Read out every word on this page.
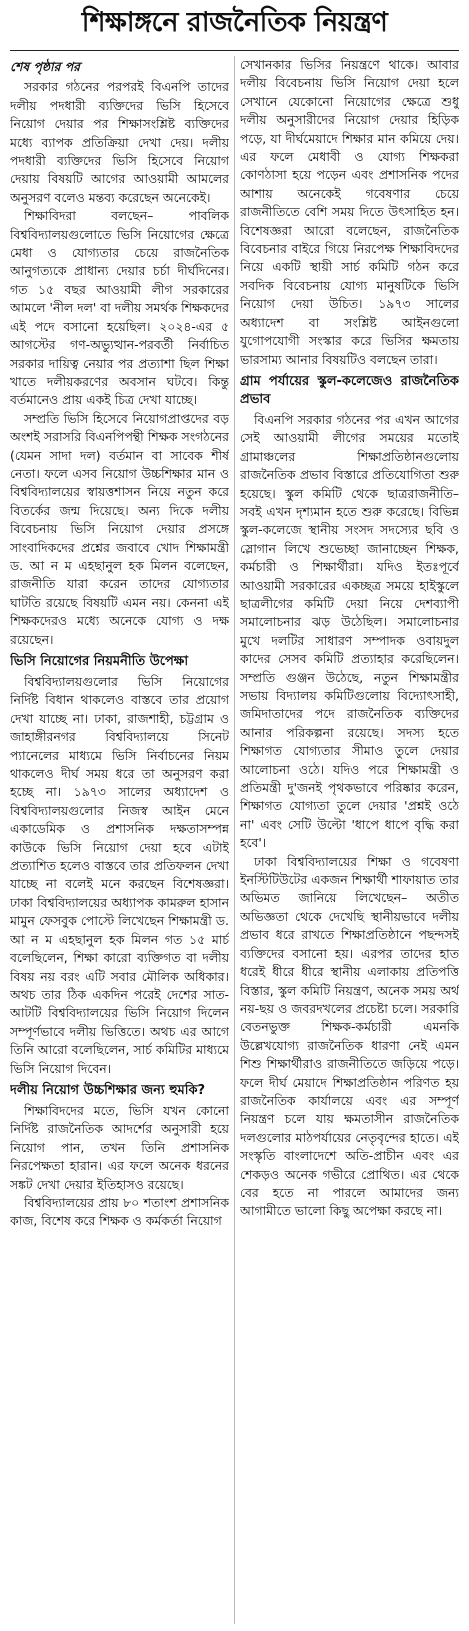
শিক্ষাঙ্গনে রাজনৈতিক নিয়ন্ত্রণ
শেষ পৃষ্ঠার পর

সরকার গঠনের পরপরই বিএনপি তাদের দলীয় পদধারী ব্যক্তিদের ভিসি হিসেবে নিয়োগ দেয়ার পর শিক্ষাসংশ্লিষ্ট ব্যক্তিদের মধ্যে ব্যাপক প্রতিক্রিয়া দেখা দেয়। দলীয় পদধারী ব্যক্তিদের ভিসি হিসেবে নিয়োগ দেয়ায় বিষয়টি আগের আওয়ামী আমলের অনুসরণ বলেও মন্তব্য করেছেন অনেকেই।

শিক্ষাবিদরা বলছেন– পাবলিক বিশ্ববিদ্যালয়গুলোতে ভিসি নিয়োগের ক্ষেত্রে মেধা ও যোগ্যতার চেয়ে রাজনৈতিক আনুগত্যকে প্রাধান্য দেয়ার চর্চা দীর্ঘদিনের। গত ১৫ বছর আওয়ামী লীগ সরকারের আমলে 'নীল দল' বা দলীয় সমর্থক শিক্ষকদের এই পদে বসানো হয়েছিল। ২০২৪-এর ৫ আগস্টের গণ-অভ্যুত্থান-পরবর্তী নির্বাচিত সরকার দায়িত্ব নেয়ার পর প্রত্যাশা ছিল শিক্ষা খাতে দলীয়করণের অবসান ঘটবে। কিন্তু বর্তমানেও প্রায় একই চিত্র দেখা যাচ্ছে।

সম্প্রতি ভিসি হিসেবে নিয়োগপ্রাপ্তদের বড় অংশই সরাসরি বিএনপিপন্থী শিক্ষক সংগঠনের (যেমন সাদা দল) বর্তমান বা সাবেক শীর্ষ নেতা। ফলে এসব নিয়োগ উচ্চশিক্ষার মান ও বিশ্ববিদ্যালয়ের স্বায়ত্তশাসন নিয়ে নতুন করে বিতর্কের জন্ম দিয়েছে। অন্য দিকে দলীয় বিবেচনায় ভিসি নিয়োগ দেয়ার প্রসঙ্গে সাংবাদিকদের প্রশ্নের জবাবে খোদ শিক্ষামন্ত্রী ড. আ ন ম এহছানুল হক মিলন বলেছেন, রাজনীতি যারা করেন তাদের যোগ্যতার ঘাটতি রয়েছে বিষয়টি এমন নয়। কেননা এই শিক্ষকদেরও মধ্যে অনেকে যোগ্য ও দক্ষ রয়েছেন।

ভিসি নিয়োগের নিয়মনীতি উপেক্ষা

বিশ্ববিদ্যালয়গুলোর ভিসি নিয়োগের নির্দিষ্ট বিধান থাকলেও বাস্তবে তার প্রয়োগ দেখা যাচ্ছে না। ঢাকা, রাজশাহী, চট্টগ্রাম ও জাহাঙ্গীরনগর বিশ্ববিদ্যালয়ে সিনেট প্যানেলের মাধ্যমে ভিসি নির্বাচনের নিয়ম থাকলেও দীর্ঘ সময় ধরে তা অনুসরণ করা হচ্ছে না। ১৯৭৩ সালের অধ্যাদেশ ও বিশ্ববিদ্যালয়গুলোর নিজস্ব আইন মেনে একাডেমিক ও প্রশাসনিক দক্ষতাসম্পন্ন কাউকে ভিসি নিয়োগ দেয়া হবে এটাই প্রত্যাশিত হলেও বাস্তবে তার প্রতিফলন দেখা যাচ্ছে না বলেই মনে করছেন বিশেষজ্ঞরা। ঢাকা বিশ্ববিদ্যালয়ের অধ্যাপক কামরুল হাসান মামুন ফেসবুক পোস্টে লিখেছেন শিক্ষামন্ত্রী ড. আ ন ম এহছানুল হক মিলন গত ১৫ মার্চ বলেছিলেন, শিক্ষা কারো ব্যক্তিগত বা দলীয় বিষয় নয় বরং এটি সবার মৌলিক অধিকার। অথচ তার ঠিক একদিন পরেই দেশের সাত-আটটি বিশ্ববিদ্যালয়ের ভিসি নিয়োগ দিলেন সম্পূর্ণভাবে দলীয় ভিত্তিতে। অথচ এর আগে তিনি আরো বলেছিলেন, সার্চ কমিটির মাধ্যমে ভিসি নিয়োগ দিবেন।

দলীয় নিয়োগ উচ্চশিক্ষার জন্য হুমকি?

শিক্ষাবিদদের মতে, ভিসি যখন কোনো নির্দিষ্ট রাজনৈতিক আদর্শের অনুসারী হয়ে নিয়োগ পান, তখন তিনি প্রশাসনিক নিরপেক্ষতা হারান। এর ফলে অনেক ধরনের সঙ্কট দেখা দেয়ার ইতিহাসও রয়েছে।

বিশ্ববিদ্যালয়ের প্রায় ৮০ শতাংশ প্রশাসনিক কাজ, বিশেষ করে শিক্ষক ও কর্মকর্তা নিয়োগ

সেখানকার ভিসির নিয়ন্ত্রণে থাকে। আবার দলীয় বিবেচনায় ভিসি নিয়োগ দেয়া হলে সেখানে যেকোনো নিয়োগের ক্ষেত্রে শুধু দলীয় অনুসারীদের নিয়োগ দেয়ার হিড়িক পড়ে, যা দীর্ঘমেয়াদে শিক্ষার মান কমিয়ে দেয়। এর ফলে মেধাবী ও যোগ্য শিক্ষকরা কোণঠাসা হয়ে পড়েন এবং প্রশাসনিক পদের আশায় অনেকেই গবেষণার চেয়ে রাজনীতিতে বেশি সময় দিতে উৎসাহিত হন। বিশেষজ্ঞরা আরো বলেছেন, রাজনৈতিক বিবেচনার বাইরে গিয়ে নিরপেক্ষ শিক্ষাবিদদের নিয়ে একটি স্থায়ী সার্চ কমিটি গঠন করে সবদিক বিবেচনায় যোগ্য মানুষটিকে ভিসি নিয়োগ দেয়া উচিত। ১৯৭৩ সালের অধ্যাদেশ বা সংশ্লিষ্ট আইনগুলো যুগোপযোগী সংস্কার করে ভিসির ক্ষমতায় ভারসাম্য আনার বিষয়টিও বলছেন তারা।

গ্রাম পর্যায়ের স্কুল-কলেজেও রাজনৈতিক প্রভাব

বিএনপি সরকার গঠনের পর এখন আগের সেই আওয়ামী লীগের সময়ের মতোই গ্রামাঞ্চলের শিক্ষাপ্রতিষ্ঠানগুলোয় রাজনৈতিক প্রভাব বিস্তারে প্রতিযোগিতা শুরু হয়েছে। স্কুল কমিটি থেকে ছাত্ররাজনীতি– সবই এখন দৃশ্যমান হতে শুরু করেছে। বিভিন্ন স্কুল-কলেজে স্থানীয় সংসদ সদস্যের ছবি ও স্লোগান লিখে শুভেচ্ছা জানাচ্ছেন শিক্ষক, কর্মচারী ও শিক্ষার্থীরা। যদিও ইতঃপূর্বে আওয়ামী সরকারের একচ্ছত্র সময়ে হাইস্কুলে ছাত্রলীগের কমিটি দেয়া নিয়ে দেশব্যাপী সমালোচনার ঝড় উঠেছিল। সমালোচনার মুখে দলটির সাধারণ সম্পাদক ওবায়দুল কাদের সেসব কমিটি প্রত্যাহার করেছিলেন। সম্প্রতি গুঞ্জন উঠেছে, নতুন শিক্ষামন্ত্রীর সভায় বিদ্যালয় কমিটিগুলোয় বিদ্যোৎসাহী, জমিদাতাদের পদে রাজনৈতিক ব্যক্তিদের আনার পরিকল্পনা রয়েছে। সদস্য হতে শিক্ষাগত যোগ্যতার সীমাও তুলে দেয়ার আলোচনা ওঠে। যদিও পরে শিক্ষামন্ত্রী ও প্রতিমন্ত্রী দু'জনই পৃথকভাবে পরিষ্কার করেন, শিক্ষাগত যোগ্যতা তুলে দেয়ার 'প্রশ্নই ওঠে না' এবং সেটি উল্টো 'ধাপে ধাপে বৃদ্ধি করা হবে'।

ঢাকা বিশ্ববিদ্যালয়ের শিক্ষা ও গবেষণা ইনস্টিটিউটের একজন শিক্ষার্থী শাফায়াত তার অভিমত জানিয়ে লিখেছেন– অতীত অভিজ্ঞতা থেকে দেখেছি স্থানীয়ভাবে দলীয় প্রভাব ধরে রাখতে শিক্ষাপ্রতিষ্ঠানে পছন্দসই ব্যক্তিদের বসানো হয়। এরপর তাদের হাত ধরেই ধীরে ধীরে স্থানীয় এলাকায় প্রতিপত্তি বিস্তার, স্কুল কমিটি নিয়ন্ত্রণ, অনেক সময় অর্থ নয়-ছয় ও জবরদখলের প্রচেষ্টা চলে। সরকারি বেতনভুক্ত শিক্ষক-কর্মচারী এমনকি উল্লেখযোগ্য রাজনৈতিক ধারণা নেই এমন শিশু শিক্ষার্থীরাও রাজনীতিতে জড়িয়ে পড়ে। ফলে দীর্ঘ মেয়াদে শিক্ষাপ্রতিষ্ঠান পরিণত হয় রাজনৈতিক কার্যালয়ে এবং এর সম্পূর্ণ নিয়ন্ত্রণ চলে যায় ক্ষমতাসীন রাজনৈতিক দলগুলোর মাঠপর্যায়ের নেতৃবৃন্দের হাতে। এই সংস্কৃতি বাংলাদেশে অতি-প্রাচীন এবং এর শেকড়ও অনেক গভীরে প্রোথিত। এর থেকে বের হতে না পারলে আমাদের জন্য আগামীতে ভালো কিছু অপেক্ষা করছে না।
